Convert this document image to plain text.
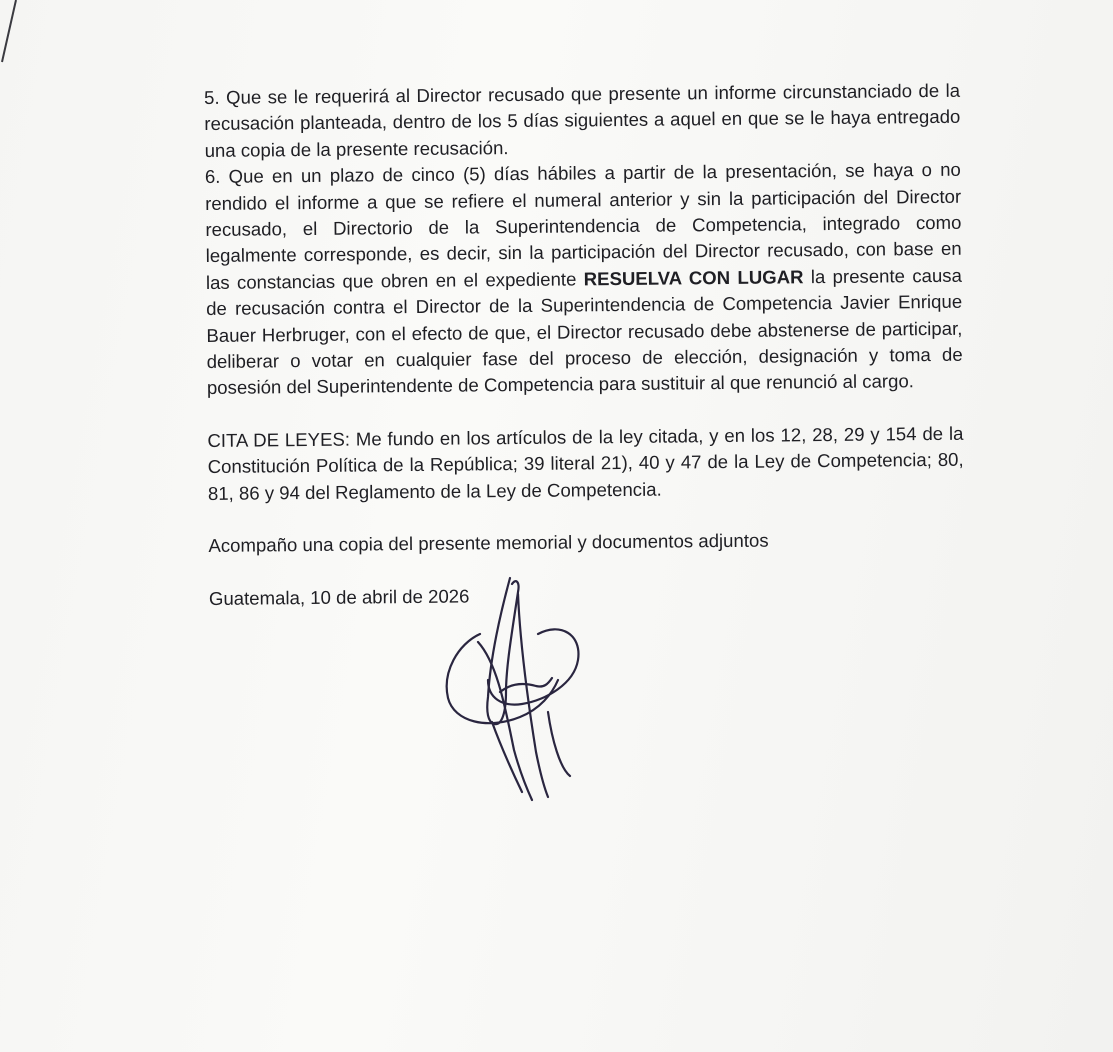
5. Que se le requerirá al Director recusado que presente un informe circunstanciado de la recusación planteada, dentro de los 5 días siguientes a aquel en que se le haya entregado una copia de la presente recusación.

6. Que en un plazo de cinco (5) días hábiles a partir de la presentación, se haya o no rendido el informe a que se refiere el numeral anterior y sin la participación del Director recusado, el Directorio de la Superintendencia de Competencia, integrado como legalmente corresponde, es decir, sin la participación del Director recusado, con base en las constancias que obren en el expediente RESUELVA CON LUGAR la presente causa de recusación contra el Director de la Superintendencia de Competencia Javier Enrique Bauer Herbruger, con el efecto de que, el Director recusado debe abstenerse de participar, deliberar o votar en cualquier fase del proceso de elección, designación y toma de posesión del Superintendente de Competencia para sustituir al que renunció al cargo.

CITA DE LEYES: Me fundo en los artículos de la ley citada, y en los 12, 28, 29 y 154 de la Constitución Política de la República; 39 literal 21), 40 y 47 de la Ley de Competencia; 80, 81, 86 y 94 del Reglamento de la Ley de Competencia.

Acompaño una copia del presente memorial y documentos adjuntos

Guatemala, 10 de abril de 2026
